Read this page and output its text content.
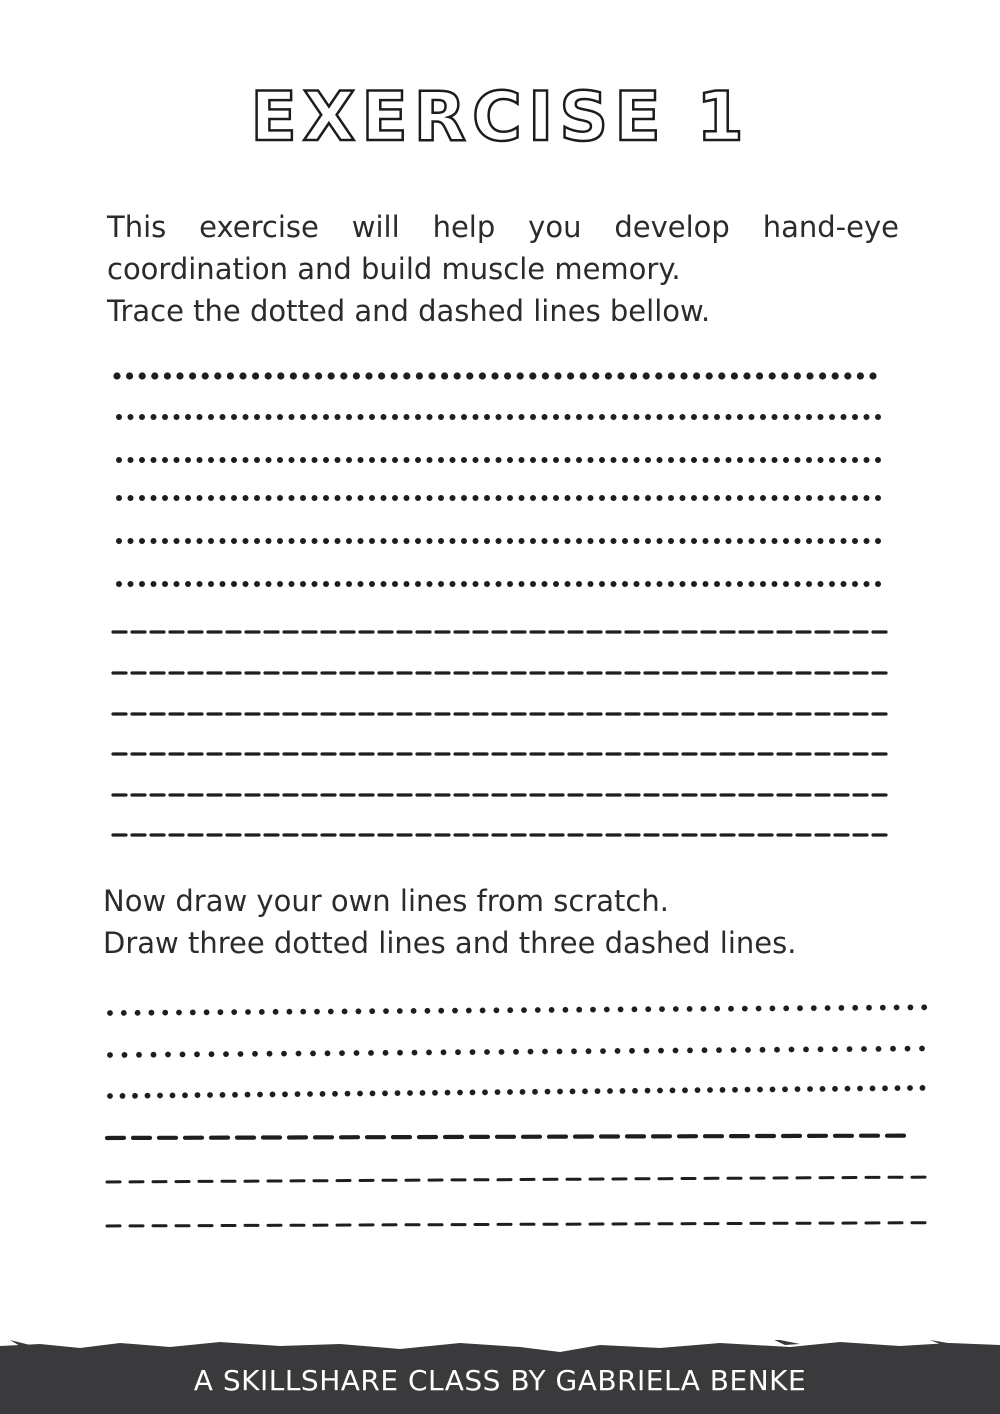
EXERCISE 1
This exercise will help you develop hand-eye
coordination and build muscle memory.
Trace the dotted and dashed lines bellow.
Now draw your own lines from scratch.
Draw three dotted lines and three dashed lines.
A SKILLSHARE CLASS BY GABRIELA BENKE
